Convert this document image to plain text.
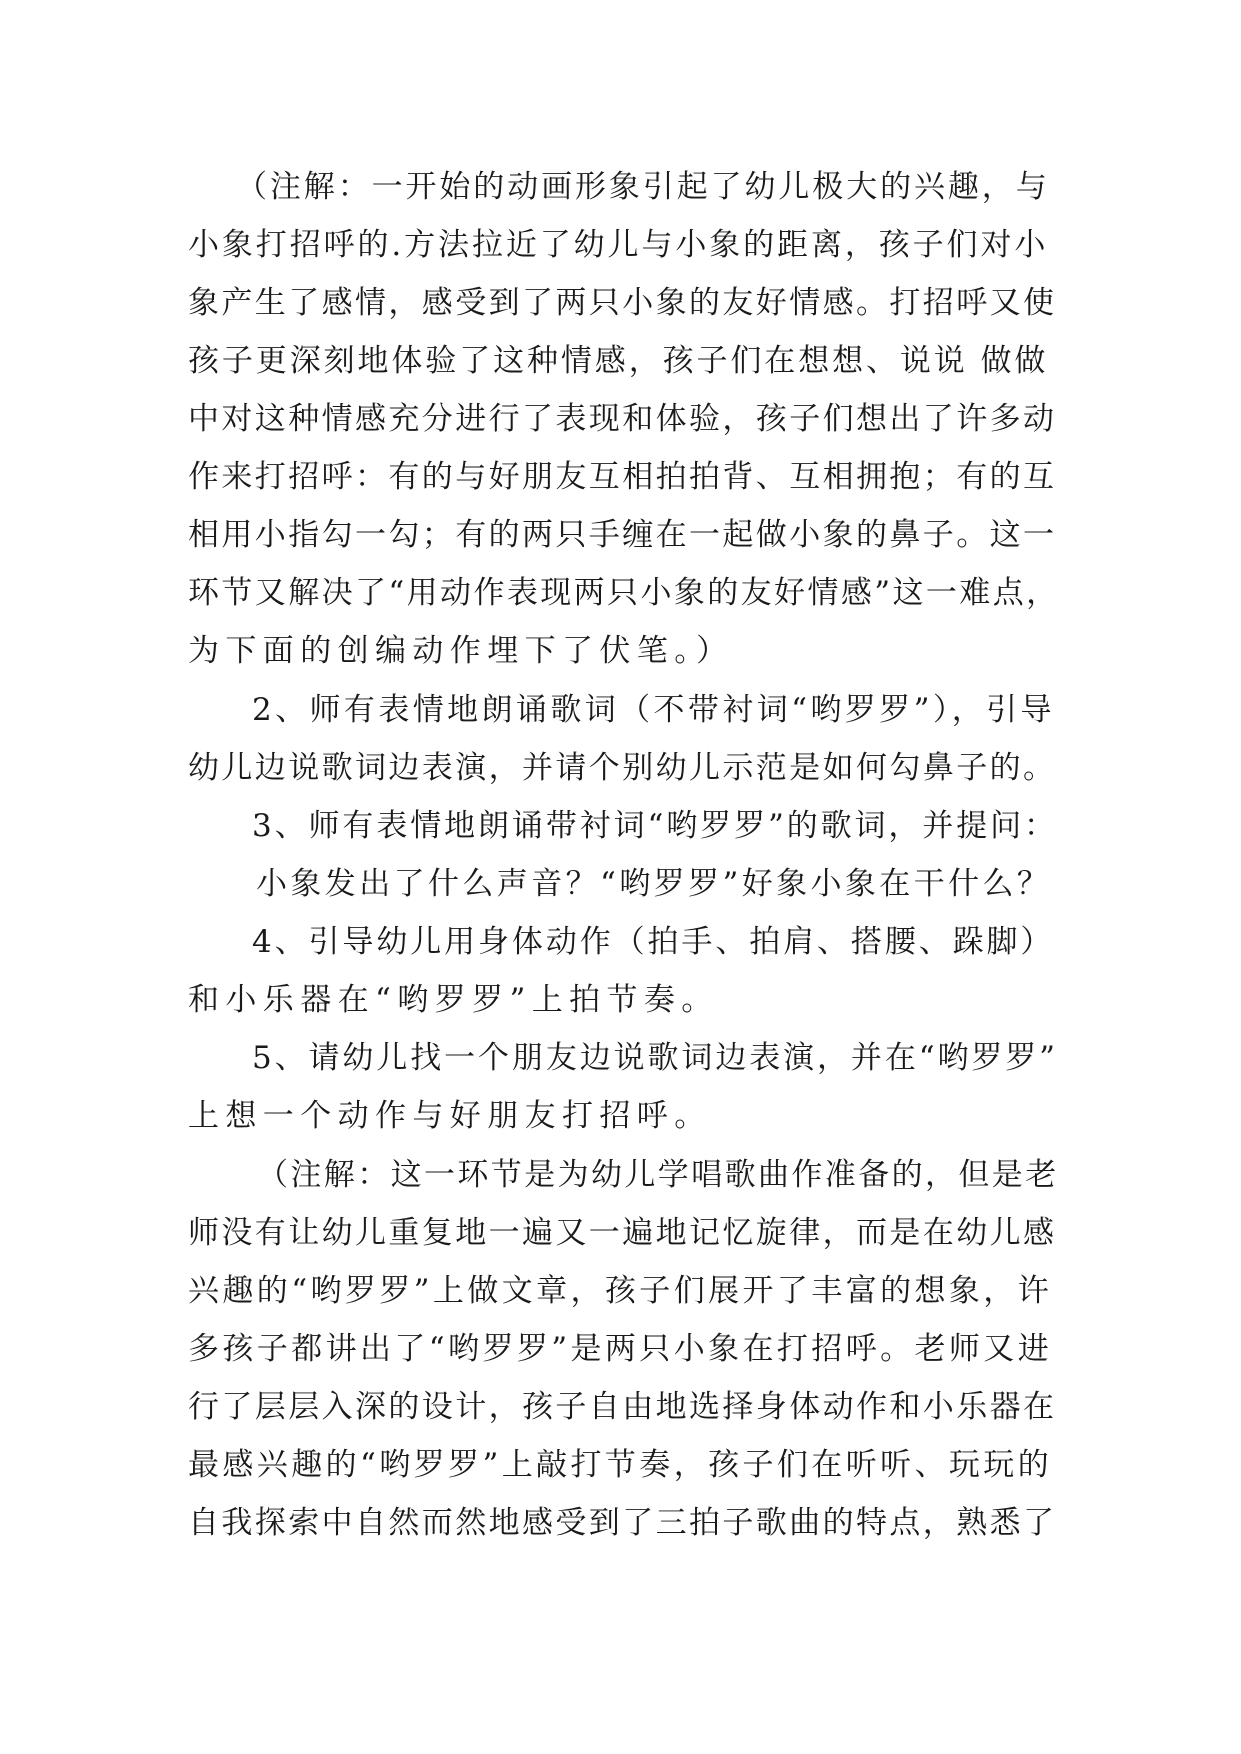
（注解：一开始的动画形象引起了幼儿极大的兴趣，与
小象打招呼的.方法拉近了幼儿与小象的距离，孩子们对小
象产生了感情，感受到了两只小象的友好情感。打招呼又使
孩子更深刻地体验了这种情感，孩子们在想想、说说 做做
中对这种情感充分进行了表现和体验，孩子们想出了许多动
作来打招呼：有的与好朋友互相拍拍背、互相拥抱；有的互
相用小指勾一勾；有的两只手缠在一起做小象的鼻子。这一
环节又解决了“用动作表现两只小象的友好情感”这一难点，
为下面的创编动作埋下了伏笔。）
2、师有表情地朗诵歌词（不带衬词“哟罗罗”），引导
幼儿边说歌词边表演，并请个别幼儿示范是如何勾鼻子的。
3、师有表情地朗诵带衬词“哟罗罗”的歌词，并提问：
小象发出了什么声音？“哟罗罗”好象小象在干什么？
4、引导幼儿用身体动作（拍手、拍肩、搭腰、跺脚）
和小乐器在“哟罗罗”上拍节奏。
5、请幼儿找一个朋友边说歌词边表演，并在“哟罗罗”
上想一个动作与好朋友打招呼。
（注解：这一环节是为幼儿学唱歌曲作准备的，但是老
师没有让幼儿重复地一遍又一遍地记忆旋律，而是在幼儿感
兴趣的“哟罗罗”上做文章，孩子们展开了丰富的想象，许
多孩子都讲出了“哟罗罗”是两只小象在打招呼。老师又进
行了层层入深的设计，孩子自由地选择身体动作和小乐器在
最感兴趣的“哟罗罗”上敲打节奏，孩子们在听听、玩玩的
自我探索中自然而然地感受到了三拍子歌曲的特点，熟悉了
